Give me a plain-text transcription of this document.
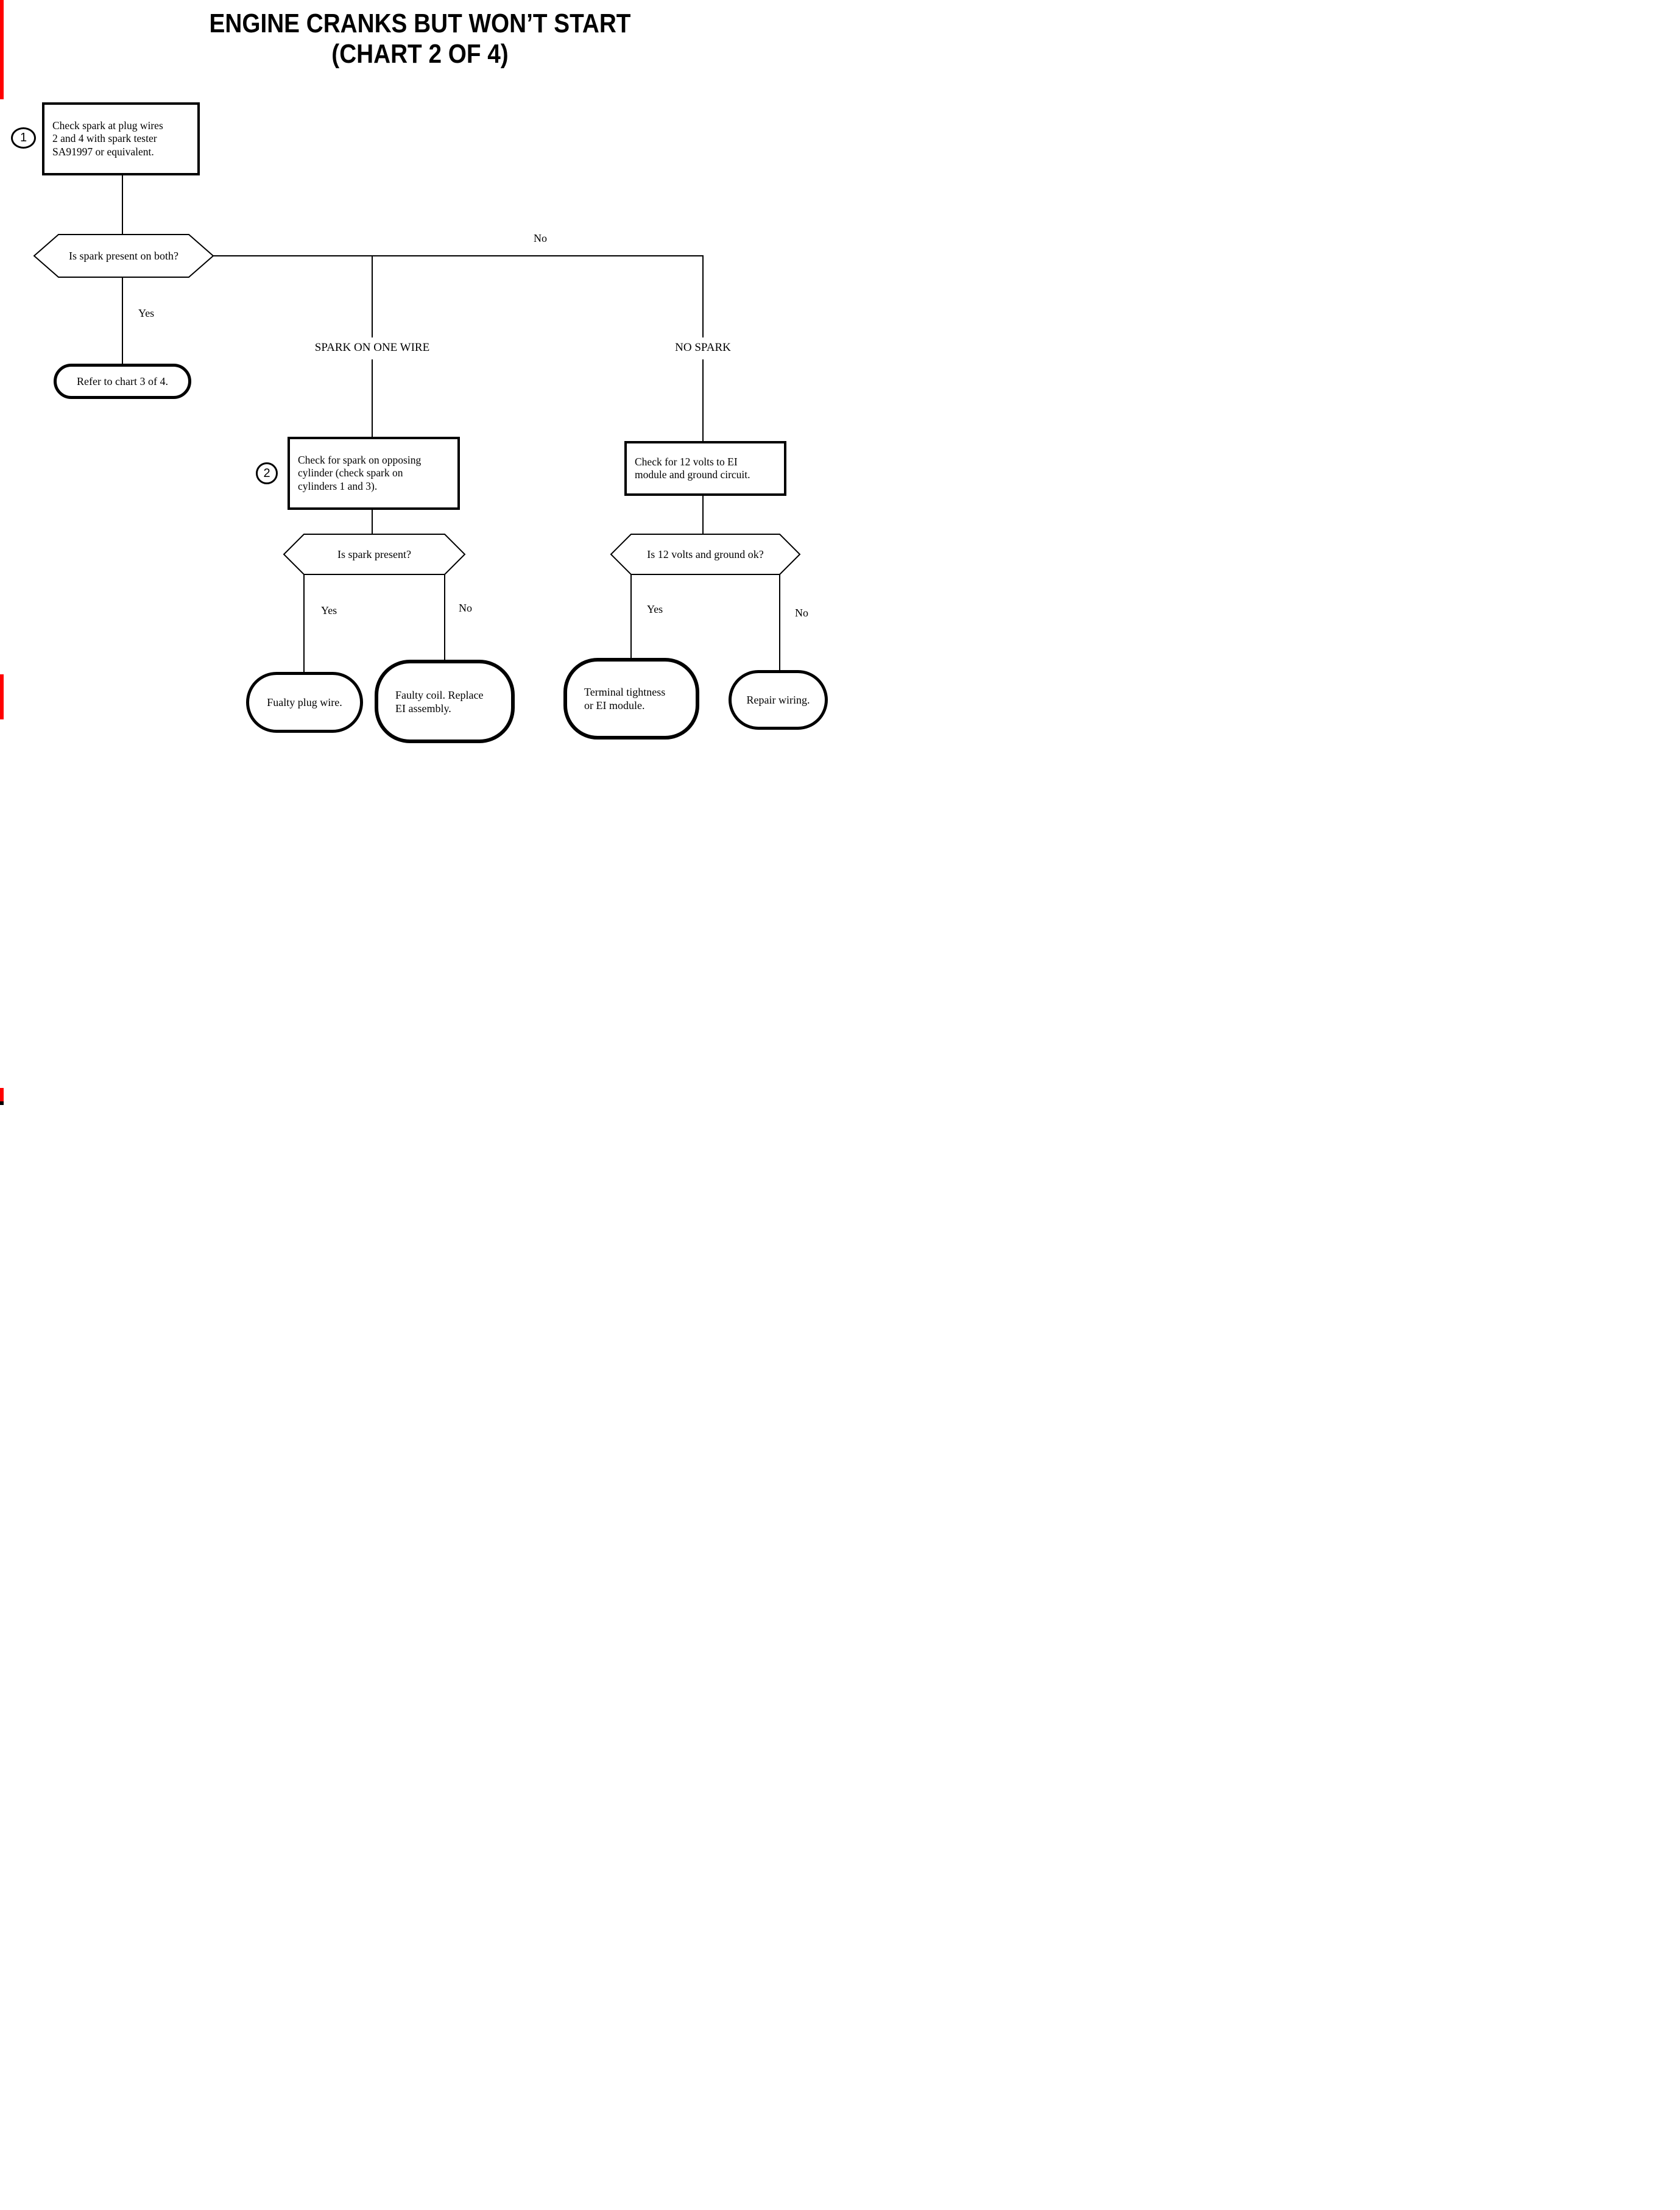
ENGINE CRANKS BUT WON’T START
(CHART 2 OF 4)
1
Check spark at plug wires
2 and 4 with spark tester
SA91997 or equivalent.
Is spark present on both?
Yes
No
Refer to chart 3 of 4.
SPARK ON ONE WIRE	NO SPARK
2
Check for spark on opposing
cylinder (check spark on
cylinders 1 and 3).
Check for 12 volts to EI
module and ground circuit.
Is spark present?	Is 12 volts and ground ok?
Yes	No	Yes	No
Fualty plug wire.
Faulty coil. Replace
EI assembly.
Terminal tightness
or EI module.	Repair wiring.
